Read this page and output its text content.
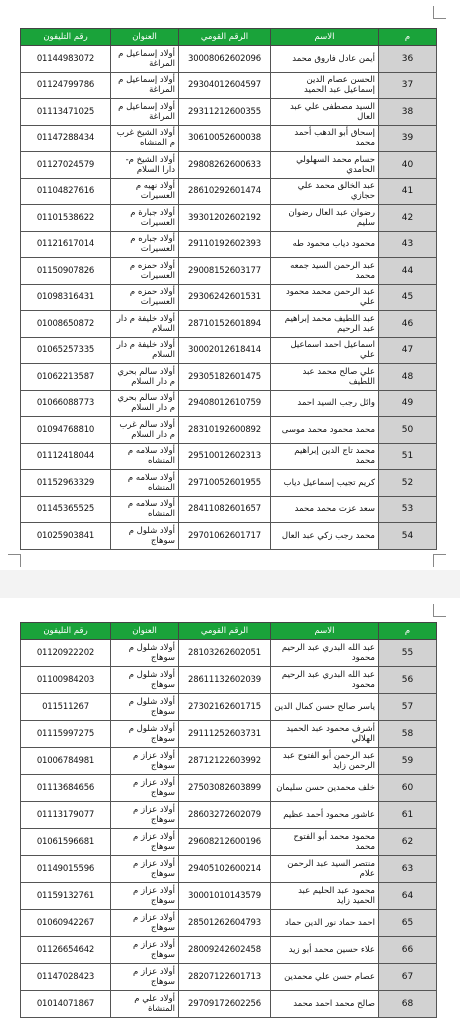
م	الاسم	الرقم القومي	العنوان	رقم التليفون
36	أيمن عادل فاروق محمد	30008062602096	أولاد إسماعيل م المراغة	01144983072
37	الحسن عصام الدين إسماعيل عبد الحميد	29304012604597	أولاد إسماعيل م المراغة	01124799786
38	السيد مصطفى علي عبد العال	29311212600355	أولاد إسماعيل م المراغة	01113471025
39	إسحاق أبو الدهب أحمد محمد	30610052600038	أولاد الشيخ غرب م المنشاه	01147288434
40	حسام محمد السهلولي الحامدي	29808262600633	أولاد الشيخ م- دارا السلام	01127024579
41	عبد الخالق محمد علي حجازي	28610292601474	أولاد نهيه م العسيرات	01104827616
42	رضوان عبد العال رضوان سليم	39301202602192	أولاد جبارة م العسيرات	01101538622
43	محمود دياب محمود طه	29110192602393	أولاد جباره م العسيرات	01121617014
44	عبد الرحمن السيد جمعه محمد	29008152603177	أولاد حمزه م العسيرات	01150907826
45	عبد الرحمن محمد محمود علي	29306242601531	أولاد حمزه م العسيرات	01098316431
46	عبد اللطيف محمد إبراهيم عبد الرحيم	28710152601894	أولاد خليفة م دار السلام	01008650872
47	اسماعيل احمد اسماعيل علي	30002012618414	أولاد خليفة م دار السلام	01065257335
48	علي صالح محمد عبد اللطيف	29305182601475	أولاد سالم بحري م دار السلام	01062213587
49	وائل رجب السيد احمد	29408012610759	أولاد سالم بحري م دار السلام	01066088773
50	محمد محمود محمد موسى	28310192600892	أولاد سالم غرب م دار السلام	01094768810
51	محمد تاج الدين إبراهيم محمد	29510012602313	أولاد سلامه م المنشاه	01112418044
52	كريم تجيب إسماعيل دياب	29710052601955	أولاد سلامه م المنشاه	01152963329
53	سعد عزت محمد محمد	28411082601657	أولاد سلامه م المنشاه	01145365525
54	محمد رجب زكي عبد العال	29701062601717	أولاد شلول م سوهاج	01025903841
م	الاسم	الرقم القومي	العنوان	رقم التليفون
55	عبد الله البدري عبد الرحيم محمود	28103262602051	أولاد شلول م سوهاج	01120922202
56	عبد الله البدري عبد الرحيم محمود	28611132602039	أولاد شلول م سوهاج	01100984203
57	ياسر صالح حسن كمال الدين	27302162601715	أولاد شلول م سوهاج	011511267
58	أشرف محمود عبد الحميد الهلالي	29111252603731	أولاد شلول م سوهاج	01115997275
59	عبد الرحمن أبو الفتوح عبد الرحمن زايد	28712122603992	أولاد عزاز م سوهاج	01006784981
60	خلف محمدين حسن سليمان	27503082603899	أولاد عزاز م سوهاج	01113684656
61	عاشور محمود أحمد عظيم	28603272602079	أولاد عزاز م سوهاج	01113179077
62	محمود محمد أبو الفتوح محمد	29608212600196	أولاد عزاز م سوهاج	01061596681
63	منتصر السيد عبد الرحمن علام	29405102600214	أولاد عزاز م سوهاج	01149015596
64	محمود عبد الحليم عبد الحميد زايد	30001010143579	أولاد عزاز م سوهاج	01159132761
65	احمد حماد نور الدين حماد	28501262604793	أولاد عزاز م سوهاج	01060942267
66	علاء حسين محمد أبو زيد	28009242602458	أولاد عزاز م سوهاج	01126654642
67	عصام حسن علي محمدين	28207122601713	أولاد عزاز م سوهاج	01147028423
68	صالح محمد احمد محمد	29709172602256	أولاد علي م المنشاة	01014071867
